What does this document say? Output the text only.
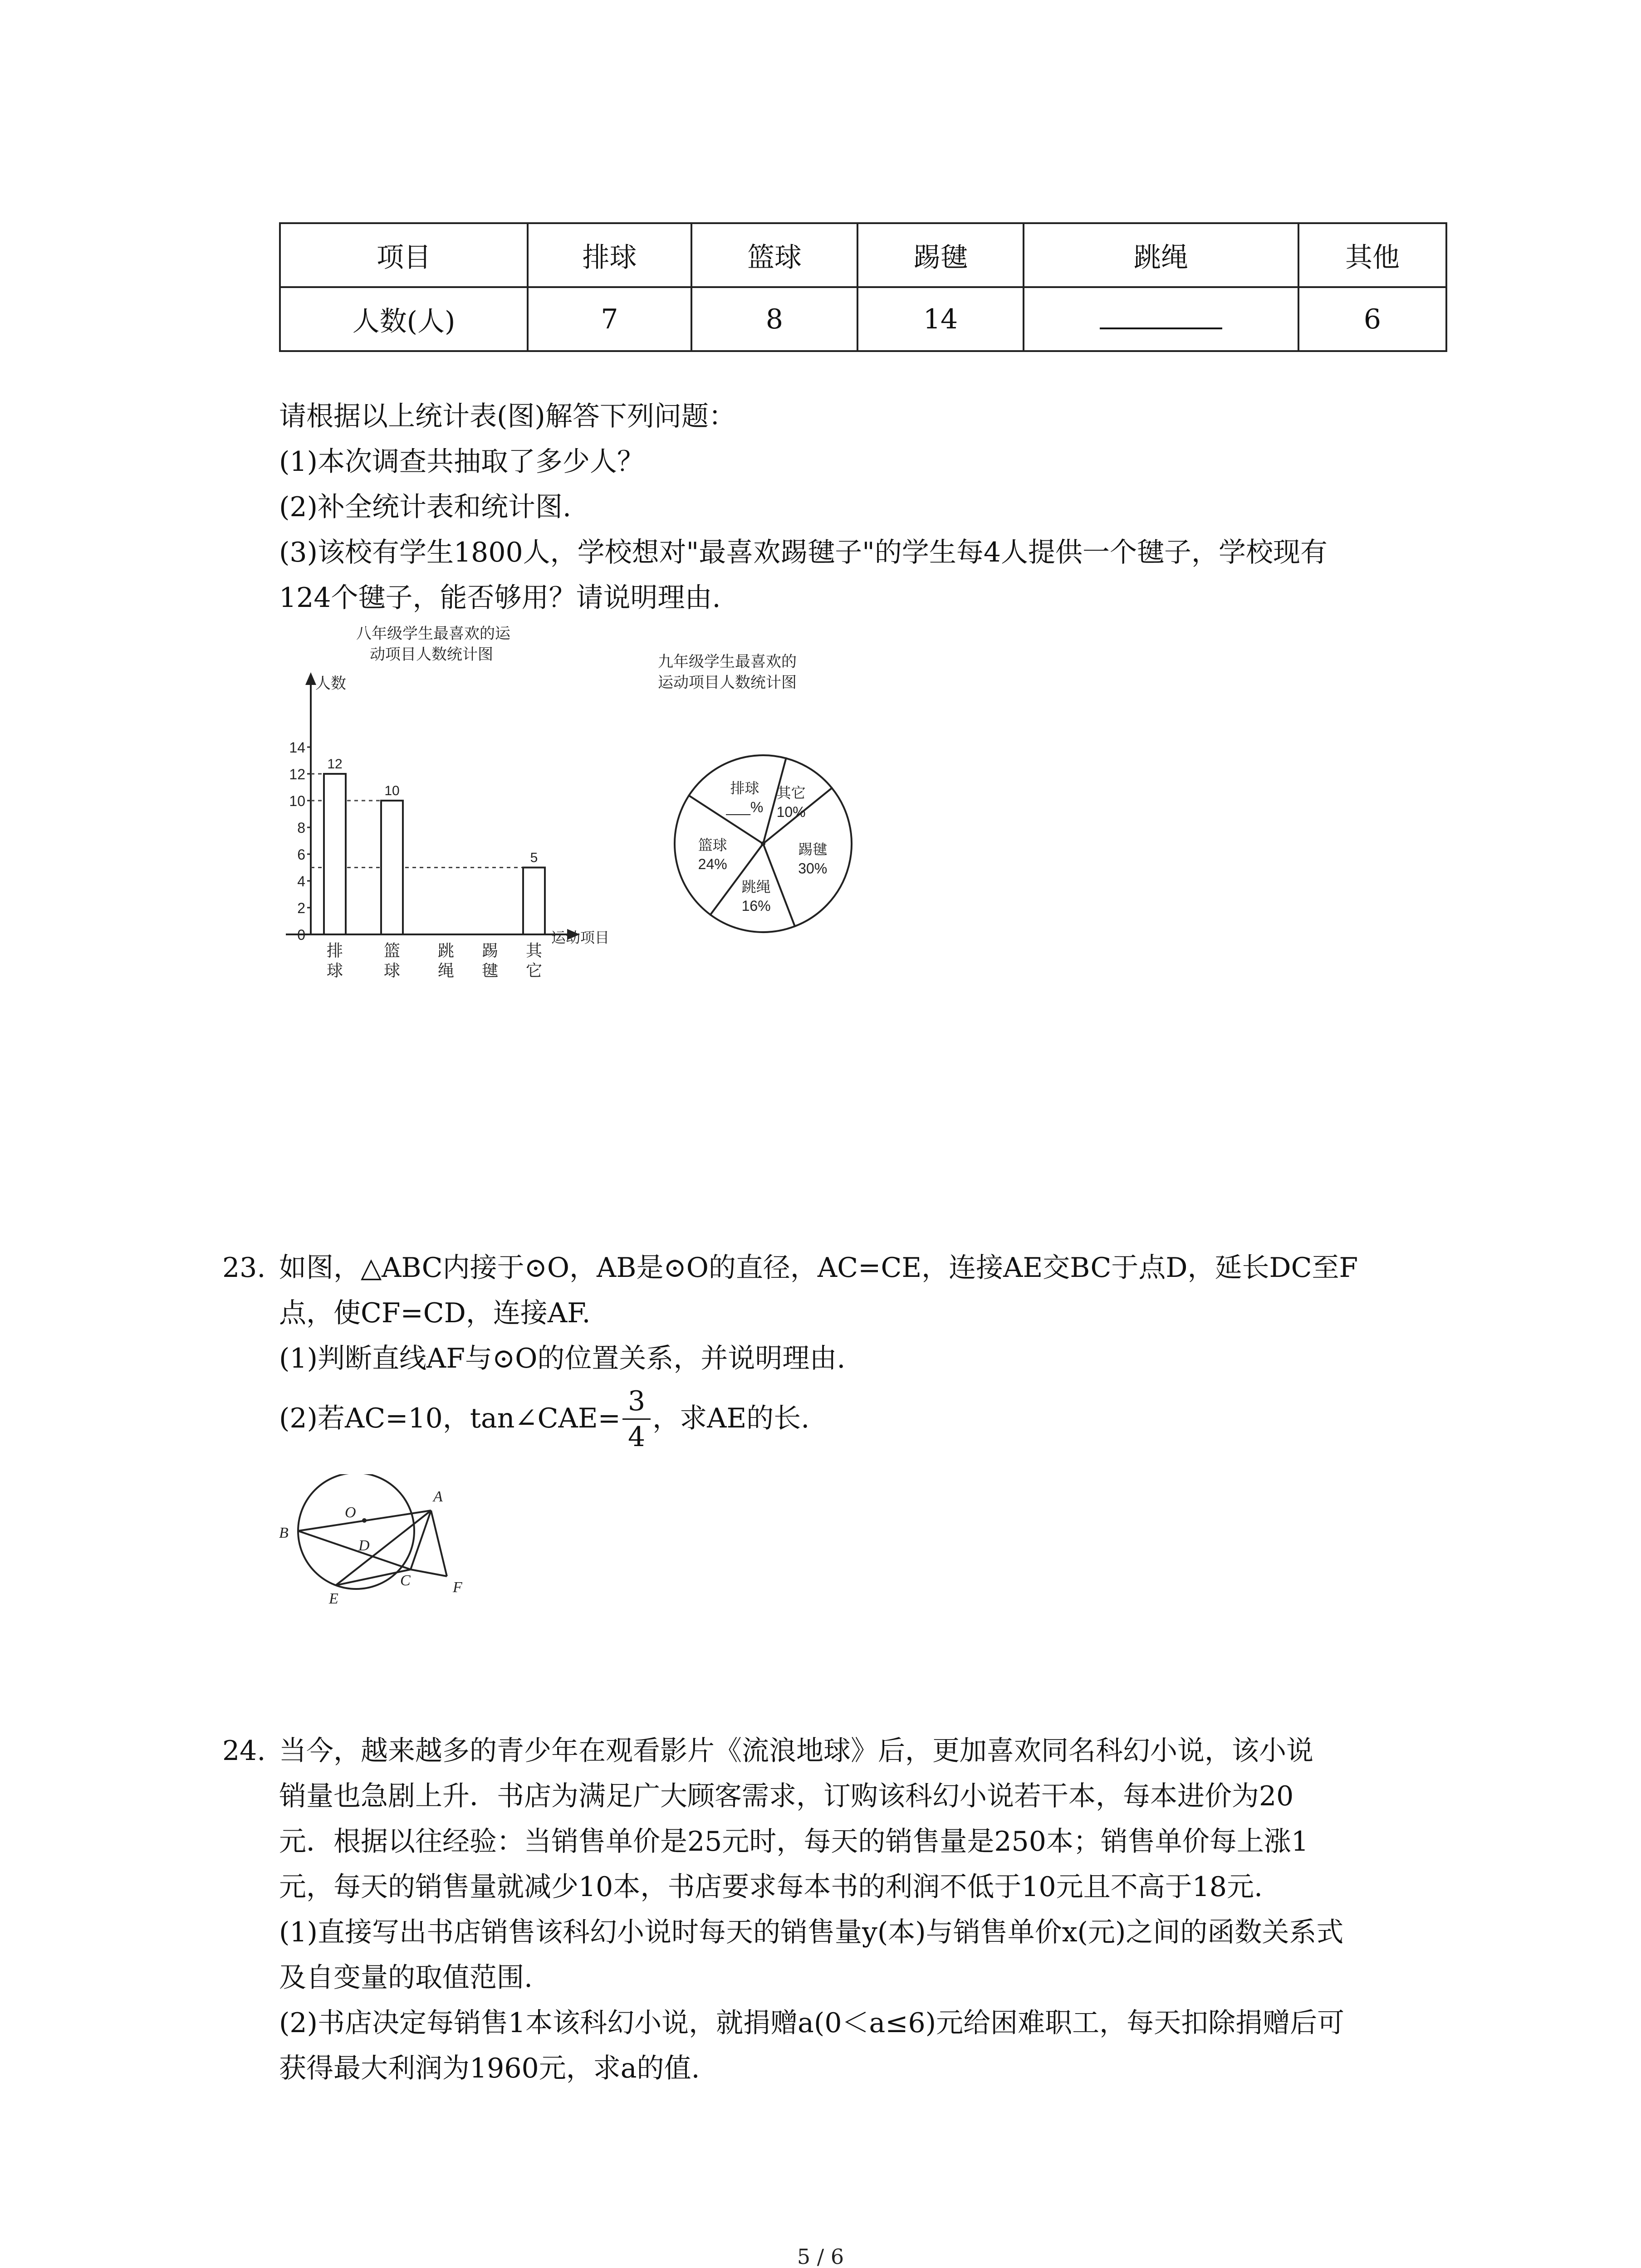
项目	排球	篮球	踢毽	跳绳	其他
人数(人)	7	8	14		6
请根据以上统计表(图)解答下列问题：
(1)本次调查共抽取了多少人？
(2)补全统计表和统计图.
(3)该校有学生1800人，学校想对"最喜欢踢毽子"的学生每4人提供一个毽子，学校现有
124个毽子，能否够用？请说明理由.
八年级学生最喜欢的运
动项目人数统计图
人数
运动项目
0
2
4
6
8
10
12
14
12
10
5
排
球
篮
球
跳
绳
踢
毽
其
它
九年级学生最喜欢的
运动项目人数统计图
其它
10%
踢毽
30%
跳绳
16%
篮球
24%
排球
___%
23. 如图，△ABC内接于⊙O，AB是⊙O的直径，AC=CE，连接AE交BC于点D，延长DC至F
点，使CF=CD，连接AF.
(1)判断直线AF与⊙O的位置关系，并说明理由.
(2)若AC=10，tan∠CAE= $\frac{3}{4}$ ，求AE的长.
O
A
B
D
E
C	F
24. 当今，越来越多的青少年在观看影片《流浪地球》后，更加喜欢同名科幻小说，该小说
销量也急剧上升．书店为满足广大顾客需求，订购该科幻小说若干本，每本进价为20
元．根据以往经验：当销售单价是25元时，每天的销售量是250本；销售单价每上涨1
元，每天的销售量就减少10本，书店要求每本书的利润不低于10元且不高于18元.
(1)直接写出书店销售该科幻小说时每天的销售量y(本)与销售单价x(元)之间的函数关系式
及自变量的取值范围.
(2)书店决定每销售1本该科幻小说，就捐赠a(0＜a≤6)元给困难职工，每天扣除捐赠后可
获得最大利润为1960元，求a的值.
5 / 6
